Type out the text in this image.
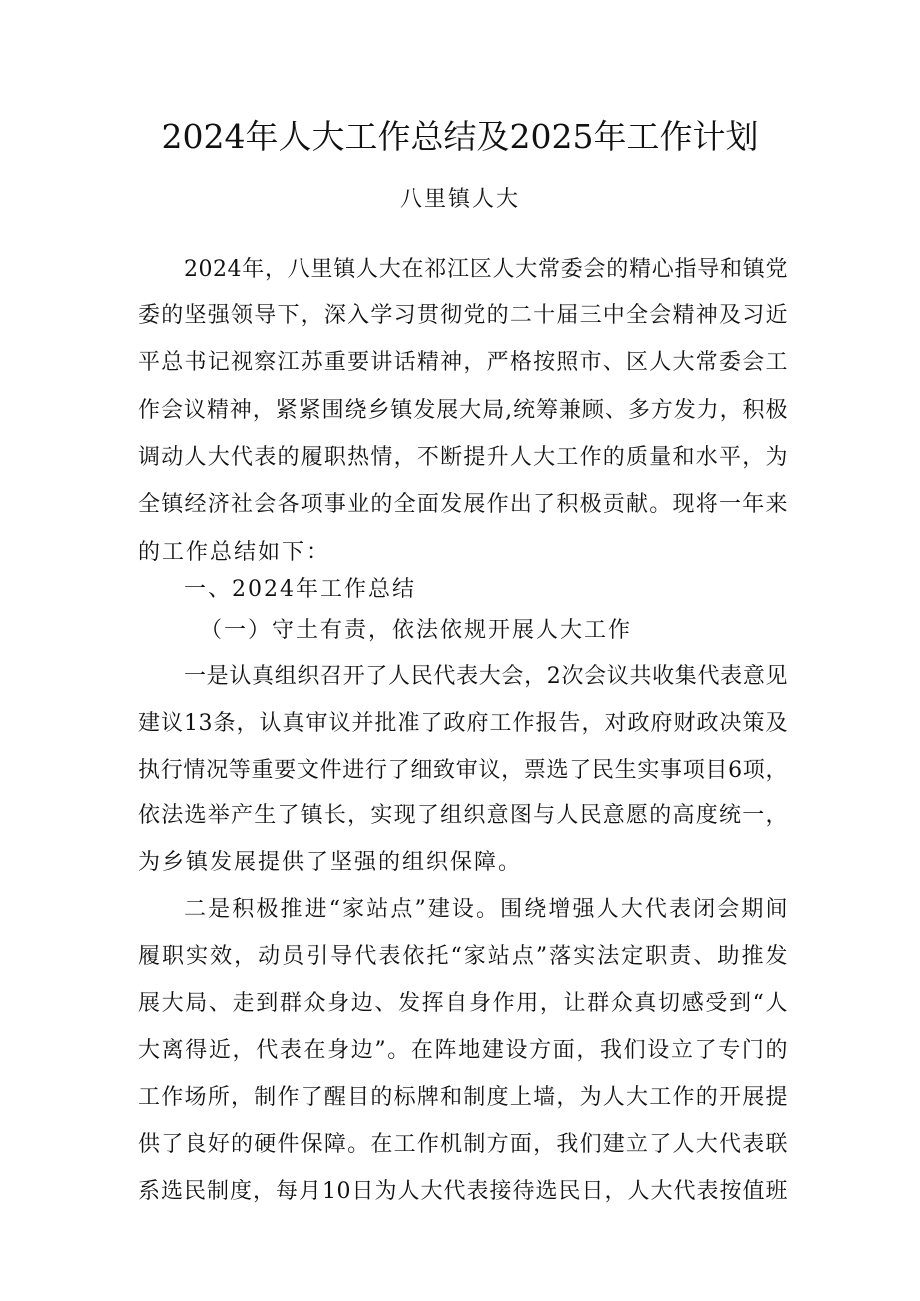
2024年人大工作总结及2025年工作计划
八里镇人大
2024年，八里镇人大在祁江区人大常委会的精心指导和镇党
委的坚强领导下，深入学习贯彻党的二十届三中全会精神及习近
平总书记视察江苏重要讲话精神，严格按照市、区人大常委会工
作会议精神，紧紧围绕乡镇发展大局,统筹兼顾、多方发力，积极
调动人大代表的履职热情，不断提升人大工作的质量和水平，为
全镇经济社会各项事业的全面发展作出了积极贡献。现将一年来
的工作总结如下：
一、2024年工作总结
（一）守土有责，依法依规开展人大工作
一是认真组织召开了人民代表大会，2次会议共收集代表意见
建议13条，认真审议并批准了政府工作报告，对政府财政决策及
执行情况等重要文件进行了细致审议，票选了民生实事项目6项，
依法选举产生了镇长，实现了组织意图与人民意愿的高度统一，
为乡镇发展提供了坚强的组织保障。
二是积极推进“家站点”建设。围绕增强人大代表闭会期间
履职实效，动员引导代表依托“家站点”落实法定职责、助推发
展大局、走到群众身边、发挥自身作用，让群众真切感受到“人
大离得近，代表在身边”。在阵地建设方面，我们设立了专门的
工作场所，制作了醒目的标牌和制度上墙，为人大工作的开展提
供了良好的硬件保障。在工作机制方面，我们建立了人大代表联
系选民制度，每月10日为人大代表接待选民日，人大代表按值班
